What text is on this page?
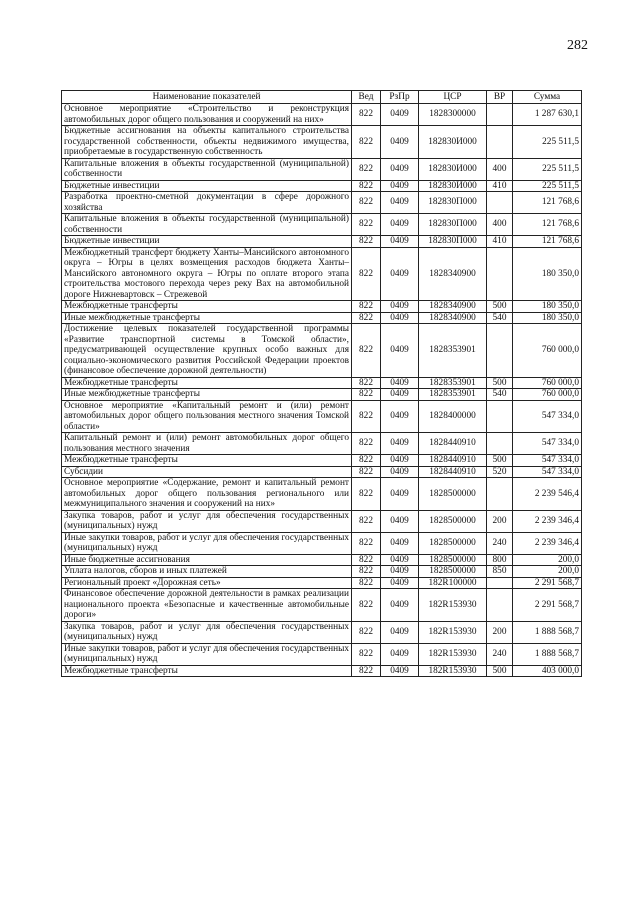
282
Наименование показателей	Вед	РзПр	ЦСР	ВР	Сумма
Основное мероприятие «Строительство и реконструкция автомобильных дорог общего пользования и сооружений на них»	822	0409	1828300000		1 287 630,1
Бюджетные ассигнования на объекты капитального строительства государственной собственности, объекты недвижимого имущества, приобретаемые в государственную собственность	822	0409	182830И000		225 511,5
Капитальные вложения в объекты государственной (муниципальной) собственности	822	0409	182830И000	400	225 511,5
Бюджетные инвестиции	822	0409	182830И000	410	225 511,5
Разработка проектно-сметной документации в сфере дорожного хозяйства	822	0409	182830П000		121 768,6
Капитальные вложения в объекты государственной (муниципальной) собственности	822	0409	182830П000	400	121 768,6
Бюджетные инвестиции	822	0409	182830П000	410	121 768,6
Межбюджетный трансферт бюджету Ханты–Мансийского автономного округа – Югры в целях возмещения расходов бюджета Ханты–Мансийского автономного округа – Югры по оплате второго этапа строительства мостового перехода через реку Вах на автомобильной дороге Нижневартовск – Стрежевой	822	0409	1828340900		180 350,0
Межбюджетные трансферты	822	0409	1828340900	500	180 350,0
Иные межбюджетные трансферты	822	0409	1828340900	540	180 350,0
Достижение целевых показателей государственной программы «Развитие транспортной системы в Томской области», предусматривающей осуществление крупных особо важных для социально-экономического развития Российской Федерации проектов (финансовое обеспечение дорожной деятельности)	822	0409	1828353901		760 000,0
Межбюджетные трансферты	822	0409	1828353901	500	760 000,0
Иные межбюджетные трансферты	822	0409	1828353901	540	760 000,0
Основное мероприятие «Капитальный ремонт и (или) ремонт автомобильных дорог общего пользования местного значения Томской области»	822	0409	1828400000		547 334,0
Капитальный ремонт и (или) ремонт автомобильных дорог общего пользования местного значения	822	0409	1828440910		547 334,0
Межбюджетные трансферты	822	0409	1828440910	500	547 334,0
Субсидии	822	0409	1828440910	520	547 334,0
Основное мероприятие «Содержание, ремонт и капитальный ремонт автомобильных дорог общего пользования регионального или межмуниципального значения и сооружений на них»	822	0409	1828500000		2 239 546,4
Закупка товаров, работ и услуг для обеспечения государственных (муниципальных) нужд	822	0409	1828500000	200	2 239 346,4
Иные закупки товаров, работ и услуг для обеспечения государственных (муниципальных) нужд	822	0409	1828500000	240	2 239 346,4
Иные бюджетные ассигнования	822	0409	1828500000	800	200,0
Уплата налогов, сборов и иных платежей	822	0409	1828500000	850	200,0
Региональный проект «Дорожная сеть»	822	0409	182R100000		2 291 568,7
Финансовое обеспечение дорожной деятельности в рамках реализации национального проекта «Безопасные и качественные автомобильные дороги»	822	0409	182R153930		2 291 568,7
Закупка товаров, работ и услуг для обеспечения государственных (муниципальных) нужд	822	0409	182R153930	200	1 888 568,7
Иные закупки товаров, работ и услуг для обеспечения государственных (муниципальных) нужд	822	0409	182R153930	240	1 888 568,7
Межбюджетные трансферты	822	0409	182R153930	500	403 000,0
